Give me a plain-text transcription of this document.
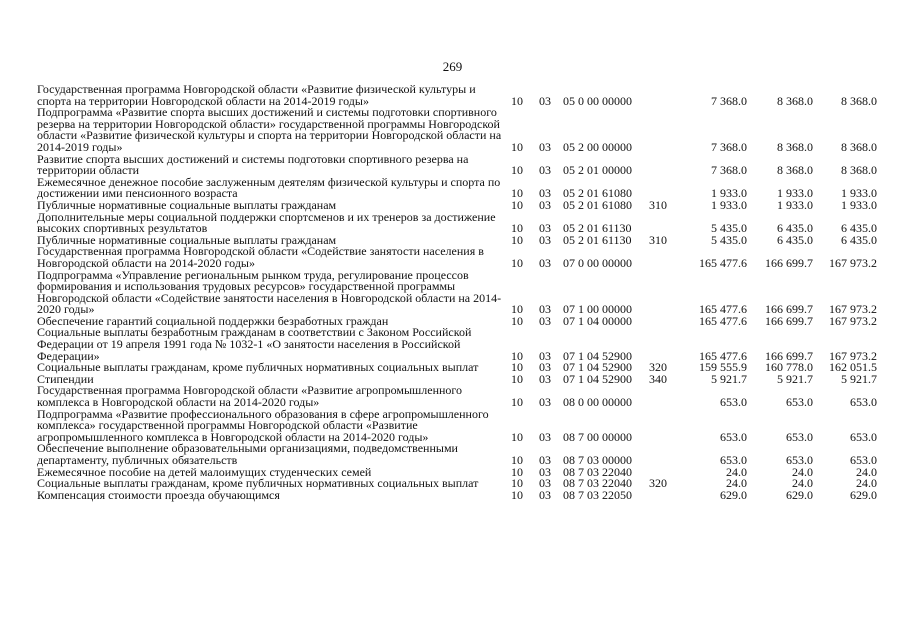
269
Государственная программа Новгородской области «Развитие физической культуры и спорта на территории Новгородской области на 2014-2019 годы»	10	03	05 0 00 00000		7 368.0	8 368.0	8 368.0
Подпрограмма «Развитие спорта высших достижений и системы подготовки спортивного резерва на территории Новгородской области» государственной программы Новгородской области «Развитие физической культуры и спорта на территории Новгородской области на 2014-2019 годы»	10	03	05 2 00 00000		7 368.0	8 368.0	8 368.0
Развитие спорта высших достижений и системы подготовки спортивного резерва на территории области	10	03	05 2 01 00000		7 368.0	8 368.0	8 368.0
Ежемесячное денежное пособие заслуженным деятелям физической культуры и спорта по достижении ими пенсионного возраста	10	03	05 2 01 61080		1 933.0	1 933.0	1 933.0
Публичные нормативные социальные выплаты гражданам	10	03	05 2 01 61080	310	1 933.0	1 933.0	1 933.0
Дополнительные меры социальной поддержки спортсменов и их тренеров за достижение высоких спортивных результатов	10	03	05 2 01 61130		5 435.0	6 435.0	6 435.0
Публичные нормативные социальные выплаты гражданам	10	03	05 2 01 61130	310	5 435.0	6 435.0	6 435.0
Государственная программа Новгородской области «Содействие занятости населения в Новгородской области на 2014-2020 годы»	10	03	07 0 00 00000		165 477.6	166 699.7	167 973.2
Подпрограмма «Управление региональным рынком труда, регулирование процессов формирования и использования трудовых ресурсов» государственной программы Новгородской области «Содействие занятости населения в Новгородской области на 2014-2020 годы»	10	03	07 1 00 00000		165 477.6	166 699.7	167 973.2
Обеспечение гарантий социальной поддержки безработных граждан	10	03	07 1 04 00000		165 477.6	166 699.7	167 973.2
Социальные выплаты безработным гражданам в соответствии с Законом Российской Федерации от 19 апреля 1991 года № 1032-1 «О занятости населения в Российской Федерации»	10	03	07 1 04 52900		165 477.6	166 699.7	167 973.2
Социальные выплаты гражданам, кроме публичных нормативных социальных выплат	10	03	07 1 04 52900	320	159 555.9	160 778.0	162 051.5
Стипендии	10	03	07 1 04 52900	340	5 921.7	5 921.7	5 921.7
Государственная программа Новгородской области «Развитие агропромышленного комплекса в Новгородской области на 2014-2020 годы»	10	03	08 0 00 00000		653.0	653.0	653.0
Подпрограмма «Развитие профессионального образования в сфере агропромышленного комплекса» государственной программы Новгородской области «Развитие агропромышленного комплекса в Новгородской области на 2014-2020 годы»	10	03	08 7 00 00000		653.0	653.0	653.0
Обеспечение выполнение образовательными организациями, подведомственными департаменту, публичных обязательств	10	03	08 7 03 00000		653.0	653.0	653.0
Ежемесячное пособие на детей малоимущих студенческих семей	10	03	08 7 03 22040		24.0	24.0	24.0
Социальные выплаты гражданам, кроме публичных нормативных социальных выплат	10	03	08 7 03 22040	320	24.0	24.0	24.0
Компенсация стоимости проезда обучающимся	10	03	08 7 03 22050		629.0	629.0	629.0
